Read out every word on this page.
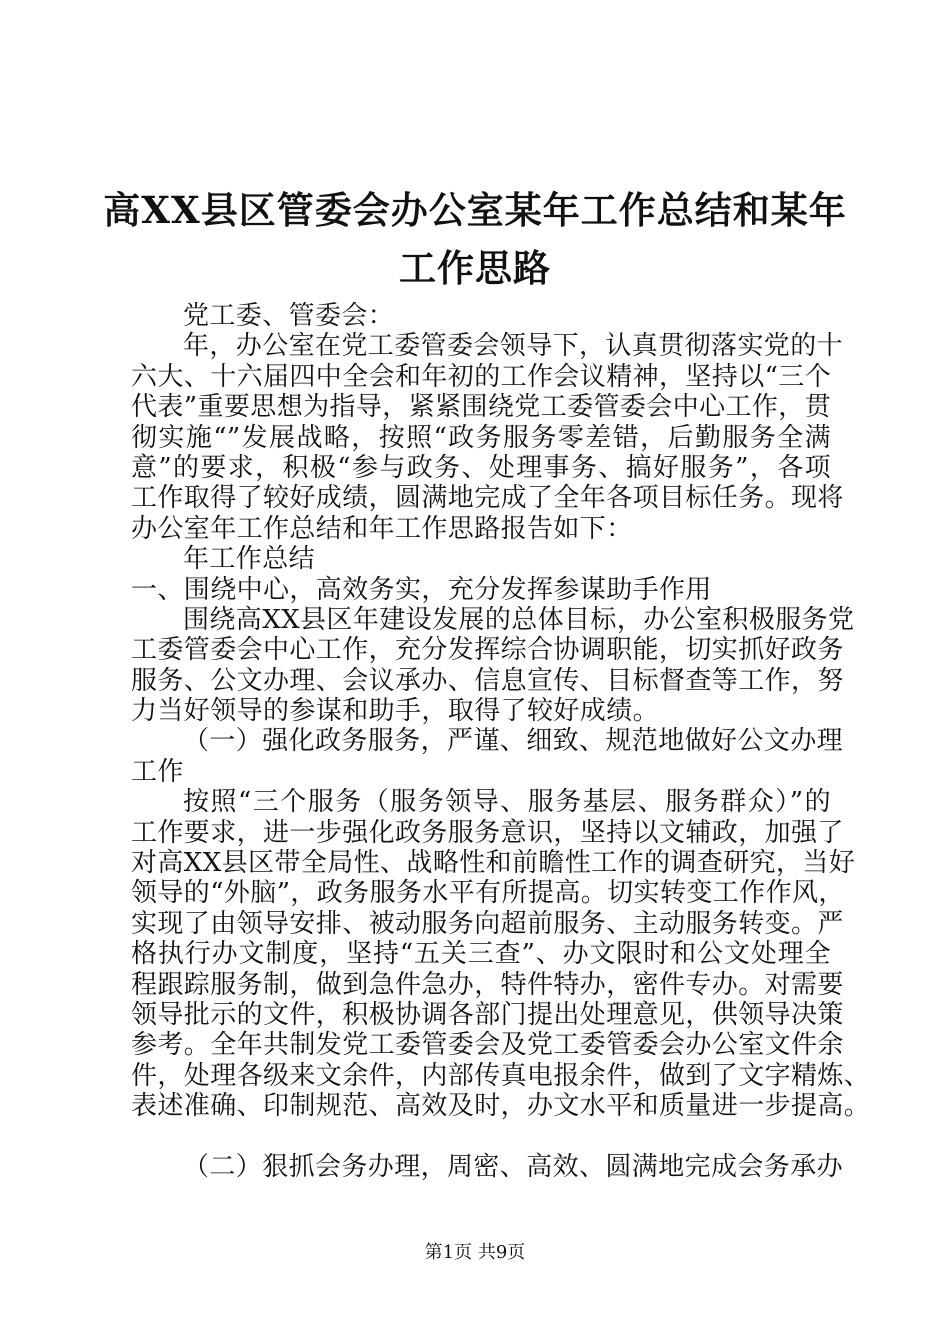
高XX县区管委会办公室某年工作总结和某年
工作思路
党工委、管委会：
年，办公室在党工委管委会领导下，认真贯彻落实党的十
六大、十六届四中全会和年初的工作会议精神，坚持以“三个
代表”重要思想为指导，紧紧围绕党工委管委会中心工作，贯
彻实施“”发展战略，按照“政务服务零差错，后勤服务全满
意”的要求，积极“参与政务、处理事务、搞好服务”，各项
工作取得了较好成绩，圆满地完成了全年各项目标任务。现将
办公室年工作总结和年工作思路报告如下：
年工作总结
一、围绕中心，高效务实，充分发挥参谋助手作用
围绕高XX县区年建设发展的总体目标，办公室积极服务党
工委管委会中心工作，充分发挥综合协调职能，切实抓好政务
服务、公文办理、会议承办、信息宣传、目标督查等工作，努
力当好领导的参谋和助手，取得了较好成绩。
（一）强化政务服务，严谨、细致、规范地做好公文办理
工作
按照“三个服务（服务领导、服务基层、服务群众）”的
工作要求，进一步强化政务服务意识，坚持以文辅政，加强了
对高XX县区带全局性、战略性和前瞻性工作的调查研究，当好
领导的“外脑”，政务服务水平有所提高。切实转变工作作风，
实现了由领导安排、被动服务向超前服务、主动服务转变。严
格执行办文制度，坚持“五关三查”、办文限时和公文处理全
程跟踪服务制，做到急件急办，特件特办，密件专办。对需要
领导批示的文件，积极协调各部门提出处理意见，供领导决策
参考。全年共制发党工委管委会及党工委管委会办公室文件余
件，处理各级来文余件，内部传真电报余件，做到了文字精炼、
表述准确、印制规范、高效及时，办文水平和质量进一步提高。
（二）狠抓会务办理，周密、高效、圆满地完成会务承办
第1页 共9页
